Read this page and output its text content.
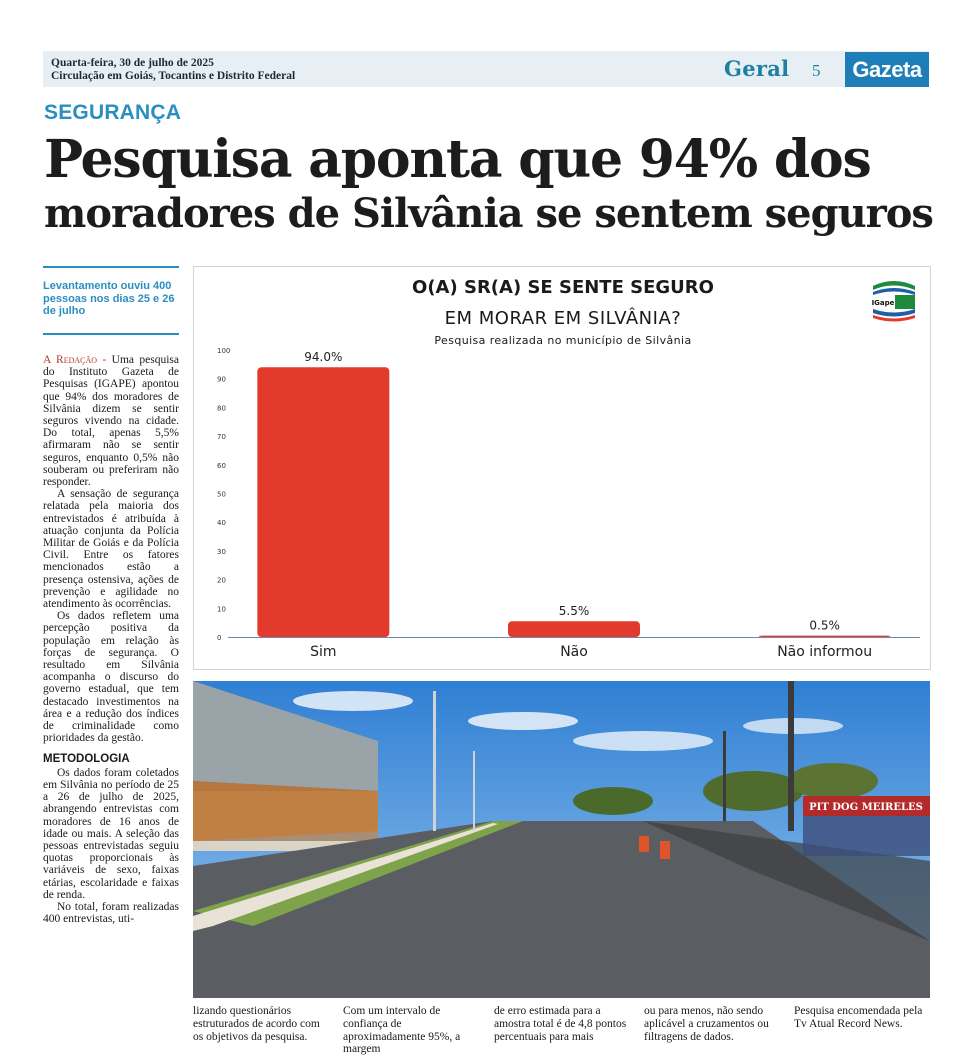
Quarta-feira, 30 de julho de 2025
Circulação em Goiás, Tocantins e Distrito Federal	Geral 5	Gazeta
SEGURANÇA
Pesquisa aponta que 94% dos
moradores de Silvânia se sentem seguros
Levantamento ouviu 400 pessoas nos dias 25 e 26 de julho

A Redação - Uma pesquisa do Instituto Gazeta de Pesquisas (IGAPE) apontou que 94% dos moradores de Silvânia dizem se sentir seguros vivendo na cidade. Do total, apenas 5,5% afirmaram não se sentir seguros, enquanto 0,5% não souberam ou preferiram não responder.

A sensação de segurança relatada pela maioria dos entrevistados é atribuída à atuação conjunta da Polícia Militar de Goiás e da Polícia Civil. Entre os fatores mencionados estão a presença ostensiva, ações de prevenção e agilidade no atendimento às ocorrências.

Os dados refletem uma percepção positiva da população em relação às forças de segurança. O resultado em Silvânia acompanha o discurso do governo estadual, que tem destacado investimentos na área e a redução dos índices de criminalidade como prioridades da gestão.

METODOLOGIA

Os dados foram coletados em Silvânia no período de 25 a 26 de julho de 2025, abrangendo entrevistas com moradores de 16 anos de idade ou mais. A seleção das pessoas entrevistadas seguiu quotas proporcionais às variáveis de sexo, faixas etárias, escolaridade e faixas de renda.

No total, foram realizadas 400 entrevistas, uti-

O(A) SR(A) SE SENTE SEGURO
EM MORAR EM SILVÂNIA?
Pesquisa realizada no município de Silvânia
IGape
0
10
20
30
40
50
60
70
80
90
100	94.0%
Sim
5.5%
Não
0.5%
Não informou
PIT DOG MEIRELES
lizando questionários estruturados de acordo com os objetivos da pesquisa.
Com um intervalo de confiança de aproximadamente 95%, a margem
de erro estimada para a amostra total é de 4,8 pontos percentuais para mais
ou para menos, não sendo aplicável a cruzamentos ou filtragens de dados.
Pesquisa encomendada pela Tv Atual Record News.
